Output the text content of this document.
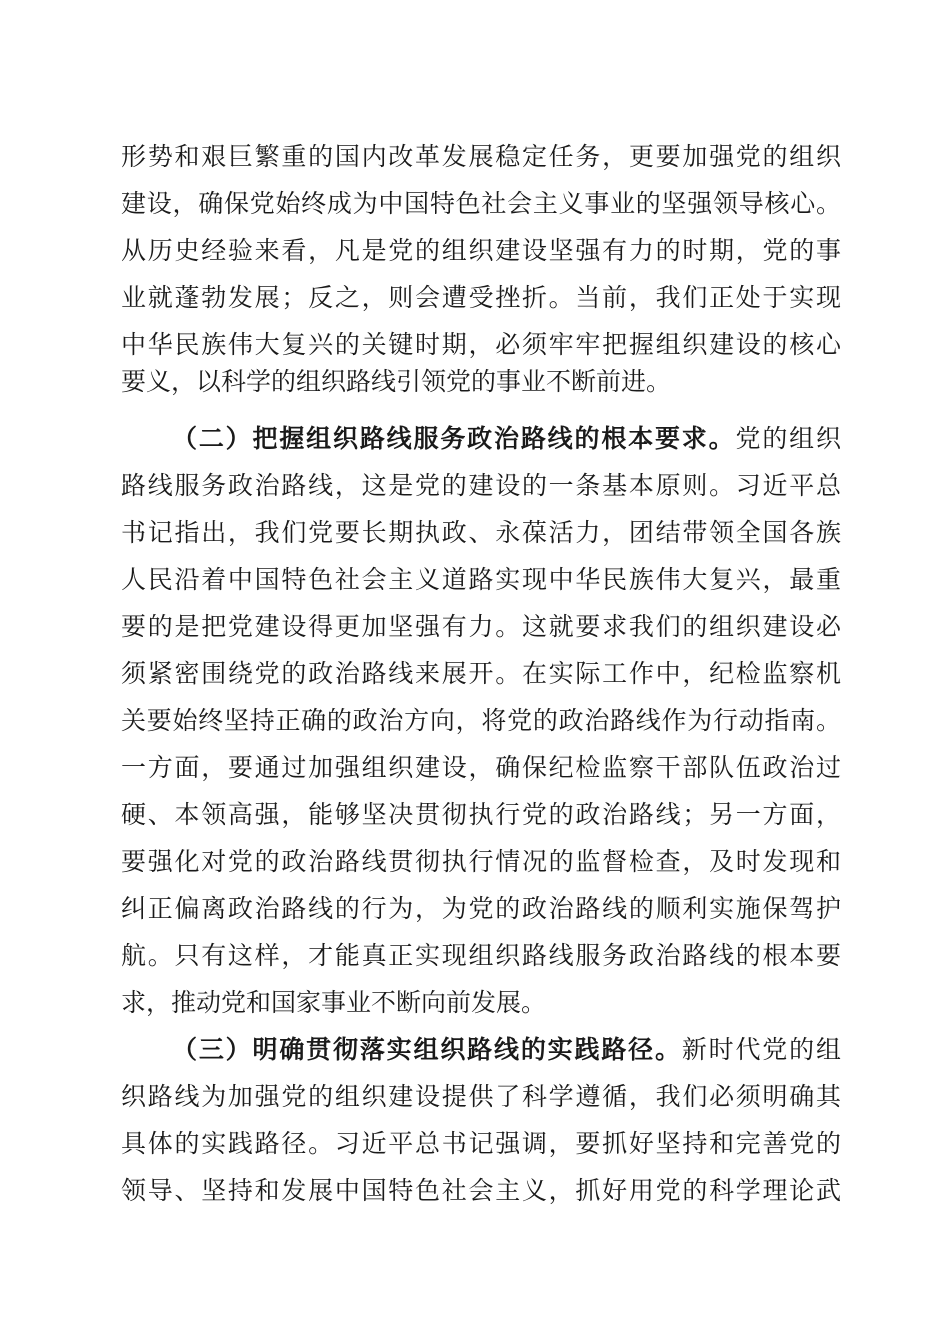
形势和艰巨繁重的国内改革发展稳定任务，更要加强党的组织
建设，确保党始终成为中国特色社会主义事业的坚强领导核心。
从历史经验来看，凡是党的组织建设坚强有力的时期，党的事
业就蓬勃发展；反之，则会遭受挫折。当前，我们正处于实现
中华民族伟大复兴的关键时期，必须牢牢把握组织建设的核心
要义，以科学的组织路线引领党的事业不断前进。
（二）把握组织路线服务政治路线的根本要求。党的组织
路线服务政治路线，这是党的建设的一条基本原则。习近平总
书记指出，我们党要长期执政、永葆活力，团结带领全国各族
人民沿着中国特色社会主义道路实现中华民族伟大复兴，最重
要的是把党建设得更加坚强有力。这就要求我们的组织建设必
须紧密围绕党的政治路线来展开。在实际工作中，纪检监察机
关要始终坚持正确的政治方向，将党的政治路线作为行动指南。
一方面，要通过加强组织建设，确保纪检监察干部队伍政治过
硬、本领高强，能够坚决贯彻执行党的政治路线；另一方面，
要强化对党的政治路线贯彻执行情况的监督检查，及时发现和
纠正偏离政治路线的行为，为党的政治路线的顺利实施保驾护
航。只有这样，才能真正实现组织路线服务政治路线的根本要
求，推动党和国家事业不断向前发展。
（三）明确贯彻落实组织路线的实践路径。新时代党的组
织路线为加强党的组织建设提供了科学遵循，我们必须明确其
具体的实践路径。习近平总书记强调，要抓好坚持和完善党的
领导、坚持和发展中国特色社会主义，抓好用党的科学理论武
